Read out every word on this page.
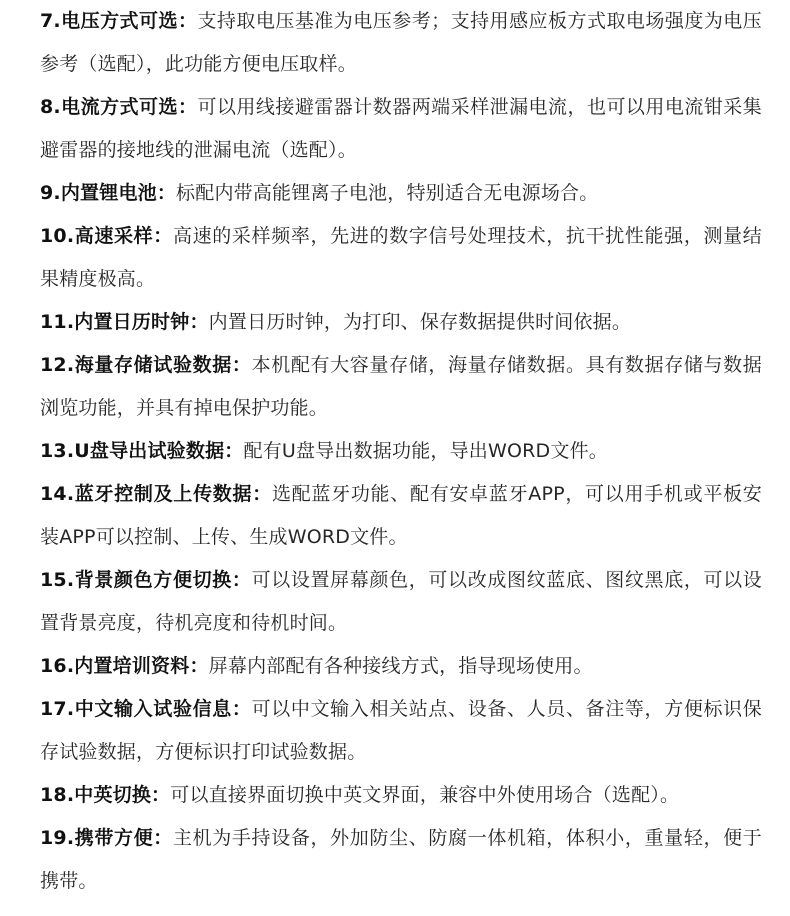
7.电压方式可选：支持取电压基准为电压参考；支持用感应板方式取电场强度为电压参考（选配），此功能方便电压取样。

8.电流方式可选：可以用线接避雷器计数器两端采样泄漏电流，也可以用电流钳采集避雷器的接地线的泄漏电流（选配）。

9.内置锂电池：标配内带高能锂离子电池，特别适合无电源场合。

10.高速采样：高速的采样频率，先进的数字信号处理技术，抗干扰性能强，测量结果精度极高。

11.内置日历时钟：内置日历时钟，为打印、保存数据提供时间依据。

12.海量存储试验数据：本机配有大容量存储，海量存储数据。具有数据存储与数据浏览功能，并具有掉电保护功能。

13.U盘导出试验数据：配有U盘导出数据功能，导出WORD文件。

14.蓝牙控制及上传数据：选配蓝牙功能、配有安卓蓝牙APP，可以用手机或平板安装APP可以控制、上传、生成WORD文件。

15.背景颜色方便切换：可以设置屏幕颜色，可以改成图纹蓝底、图纹黑底，可以设置背景亮度，待机亮度和待机时间。

16.内置培训资料：屏幕内部配有各种接线方式，指导现场使用。

17.中文输入试验信息：可以中文输入相关站点、设备、人员、备注等，方便标识保存试验数据，方便标识打印试验数据。

18.中英切换：可以直接界面切换中英文界面，兼容中外使用场合（选配）。

19.携带方便：主机为手持设备，外加防尘、防腐一体机箱，体积小，重量轻，便于携带。
